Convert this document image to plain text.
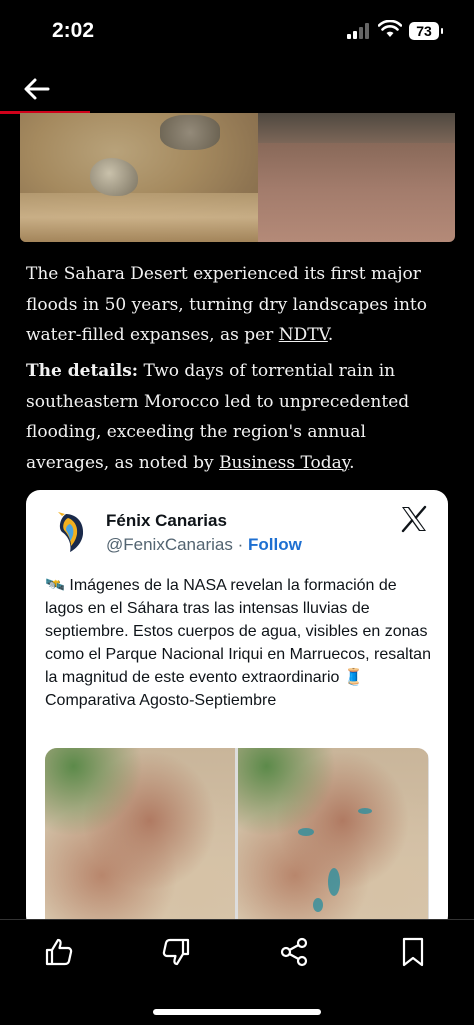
2:02	73
The Sahara Desert experienced its first major floods in 50 years, turning dry landscapes into water-filled expanses, as per NDTV.
The details: Two days of torrential rain in southeastern Morocco led to unprecedented flooding, exceeding the region's annual averages, as noted by Business Today.
Fénix Canarias
@FenixCanarias · Follow
🛰️ Imágenes de la NASA revelan la formación de lagos en el Sáhara tras las intensas lluvias de septiembre. Estos cuerpos de agua, visibles en zonas como el Parque Nacional Iriqui en Marruecos, resaltan la magnitud de este evento extraordinario 🧵
Comparativa Agosto-Septiembre
